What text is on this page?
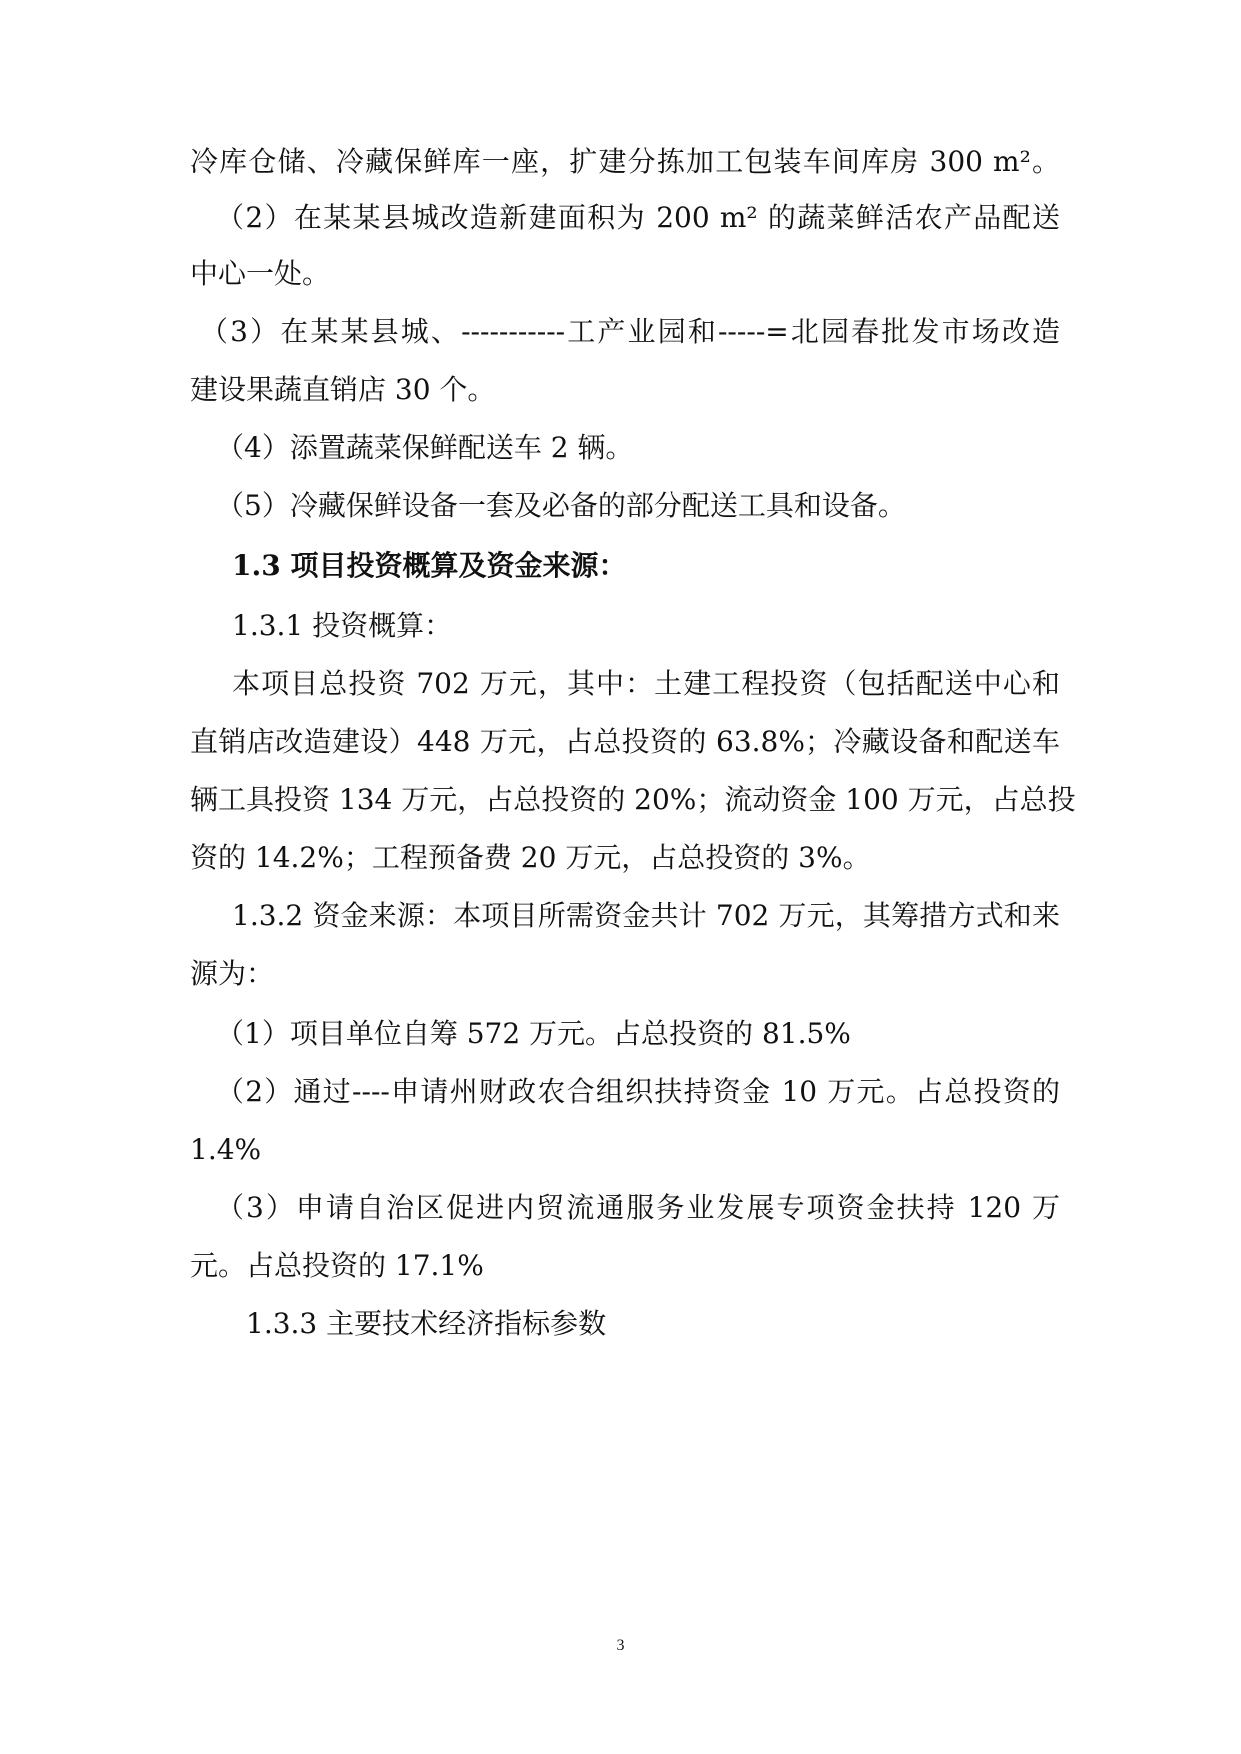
冷库仓储、冷藏保鲜库一座，扩建分拣加工包装车间库房 300 m²。
（2）在某某县城改造新建面积为 200 m² 的蔬菜鲜活农产品配送
中心一处。
（3）在某某县城、-----------工产业园和-----=北园春批发市场改造
建设果蔬直销店 30 个。
（4）添置蔬菜保鲜配送车 2 辆。
（5）冷藏保鲜设备一套及必备的部分配送工具和设备。
1.3 项目投资概算及资金来源：
1.3.1 投资概算：
本项目总投资 702 万元，其中：土建工程投资（包括配送中心和
直销店改造建设）448 万元，占总投资的 63.8%；冷藏设备和配送车
辆工具投资 134 万元，占总投资的 20%；流动资金 100 万元，占总投
资的 14.2%；工程预备费 20 万元，占总投资的 3%。
1.3.2 资金来源：本项目所需资金共计 702 万元，其筹措方式和来
源为：
（1）项目单位自筹 572 万元。占总投资的 81.5%
（2）通过----申请州财政农合组织扶持资金 10 万元。占总投资的
1.4%
（3）申请自治区促进内贸流通服务业发展专项资金扶持 120 万
元。占总投资的 17.1%
1.3.3 主要技术经济指标参数
3
